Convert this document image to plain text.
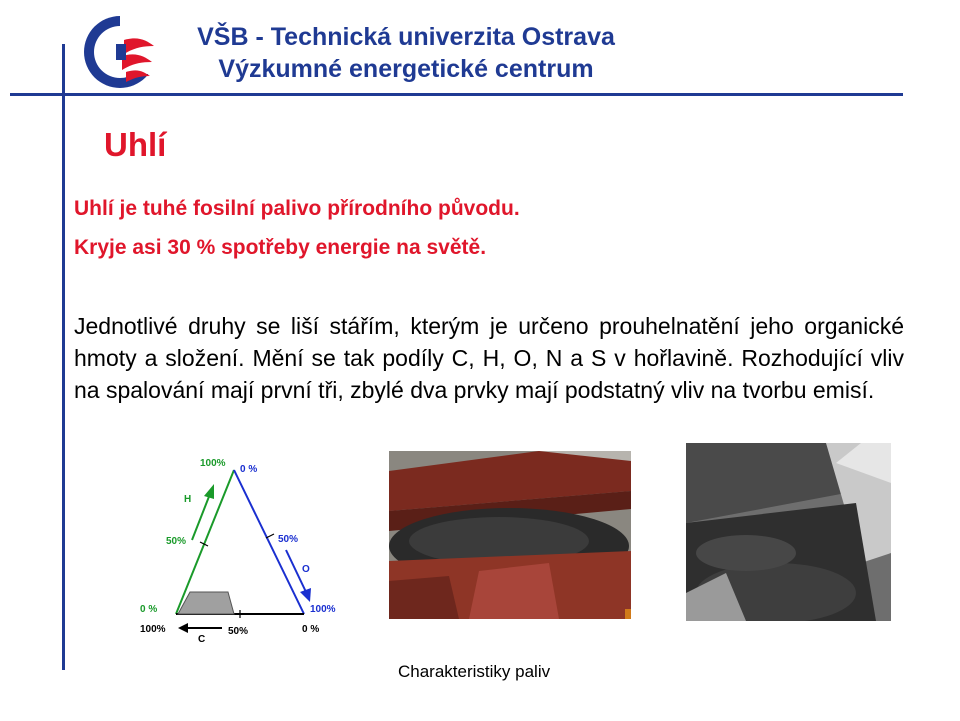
VŠB - Technická univerzita Ostrava
Výzkumné energetické centrum
Uhlí
Uhlí je tuhé fosilní palivo přírodního původu.
Kryje asi 30 % spotřeby energie na světě.

Jednotlivé druhy se liší stářím, kterým je určeno prouhelnatění jeho organické hmoty a složení. Mění se tak podíly C, H, O, N a S v hořlavině. Rozhodující vliv na spalování mají první tři, zbylé dva prvky mají podstatný vliv na tvorbu emisí.

100%
0 %
H
50%	50%
O
0 %	100%
100%	50%	0 %
C
Charakteristiky paliv
